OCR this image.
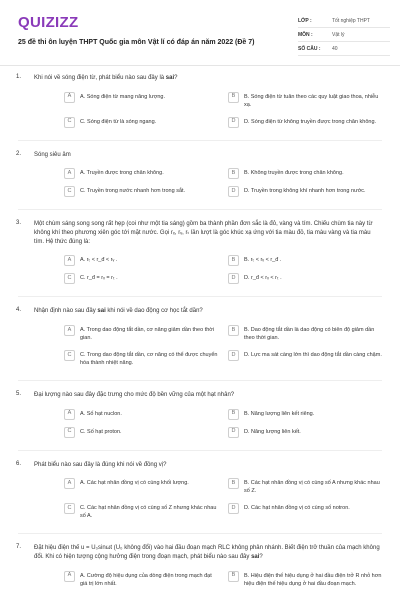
QUIZIZZ
25 đề thi ôn luyện THPT Quốc gia môn Vật lí có đáp án năm 2022 (Đề 7)
LỚP :	Tốt nghiệp THPT
MÔN :	Vật lý
SỐ CÂU :	40
1. Khi nói về sóng điện từ, phát biểu nào sau đây là sai?
A	A. Sóng điện từ mang năng lượng.	B	B. Sóng điện từ tuân theo các quy luật giao thoa, nhiễu xạ.
C	C. Sóng điện từ là sóng ngang.	D	D. Sóng điện từ không truyền được trong chân không.
2. Sóng siêu âm
A	A. Truyền được trong chân không.	B	B. Không truyền được trong chân không.
C	C. Truyền trong nước nhanh hơn trong sắt.	D	D. Truyền trong không khí nhanh hơn trong nước.
3. Một chùm sáng song song rất hẹp (coi như một tia sáng) gồm ba thành phần đơn sắc là đỏ, vàng và tím. Chiếu chùm tia này từ không khí theo phương xiên góc tới mặt nước. Gọi rₓ, rᵥ, rₜ lần lượt là góc khúc xạ ứng với tia màu đỏ, tia màu vàng và tia màu tím. Hệ thức đúng là:
A	A. rₜ < r_đ < rᵥ .	B	B. rₜ < rᵥ < r_đ .
C	C. r_đ = rᵥ = rₜ .	D	D. r_đ < rᵥ < rₜ .
4. Nhận định nào sau đây sai khi nói về dao động cơ học tắt dần?
A	A. Trong dao động tắt dần, cơ năng giảm dần theo thời gian.
B	B. Dao động tắt dần là dao động có biên độ giảm dần theo thời gian.
C	C. Trong dao động tắt dần, cơ năng có thể được chuyển hóa thành nhiệt năng.
D	D. Lực ma sát càng lớn thì dao động tắt dần càng chậm.
5. Đại lượng nào sau đây đặc trưng cho mức độ bền vững của một hạt nhân?
A	A. Số hạt nuclon.	B	B. Năng lượng liên kết riêng.
C	C. Số hạt proton.	D	D. Năng lượng liên kết.
6. Phát biểu nào sau đây là đúng khi nói về đồng vị?
A	A. Các hạt nhân đồng vị có cùng khối lượng.	B	B. Các hạt nhân đồng vị có cùng số A nhưng khác nhau số Z.
C	C. Các hạt nhân đồng vị có cùng số Z nhưng khác nhau số A.
D	D. Các hạt nhân đồng vị có cùng số notron.
7. Đặt hiệu điện thế u = U₀sinωt (U₀ không đổi) vào hai đầu đoạn mạch RLC không phân nhánh. Biết điện trở thuần của mạch không đổi. Khi có hiện tượng cộng hưởng điện trong đoạn mạch, phát biểu nào sau đây sai?
A	A. Cường độ hiệu dụng của dòng điện trong mạch đạt giá trị lớn nhất.
B	B. Hiệu điện thế hiệu dụng ở hai đầu điện trở R nhỏ hơn hiệu điện thế hiệu dụng ở hai đầu đoạn mạch.
